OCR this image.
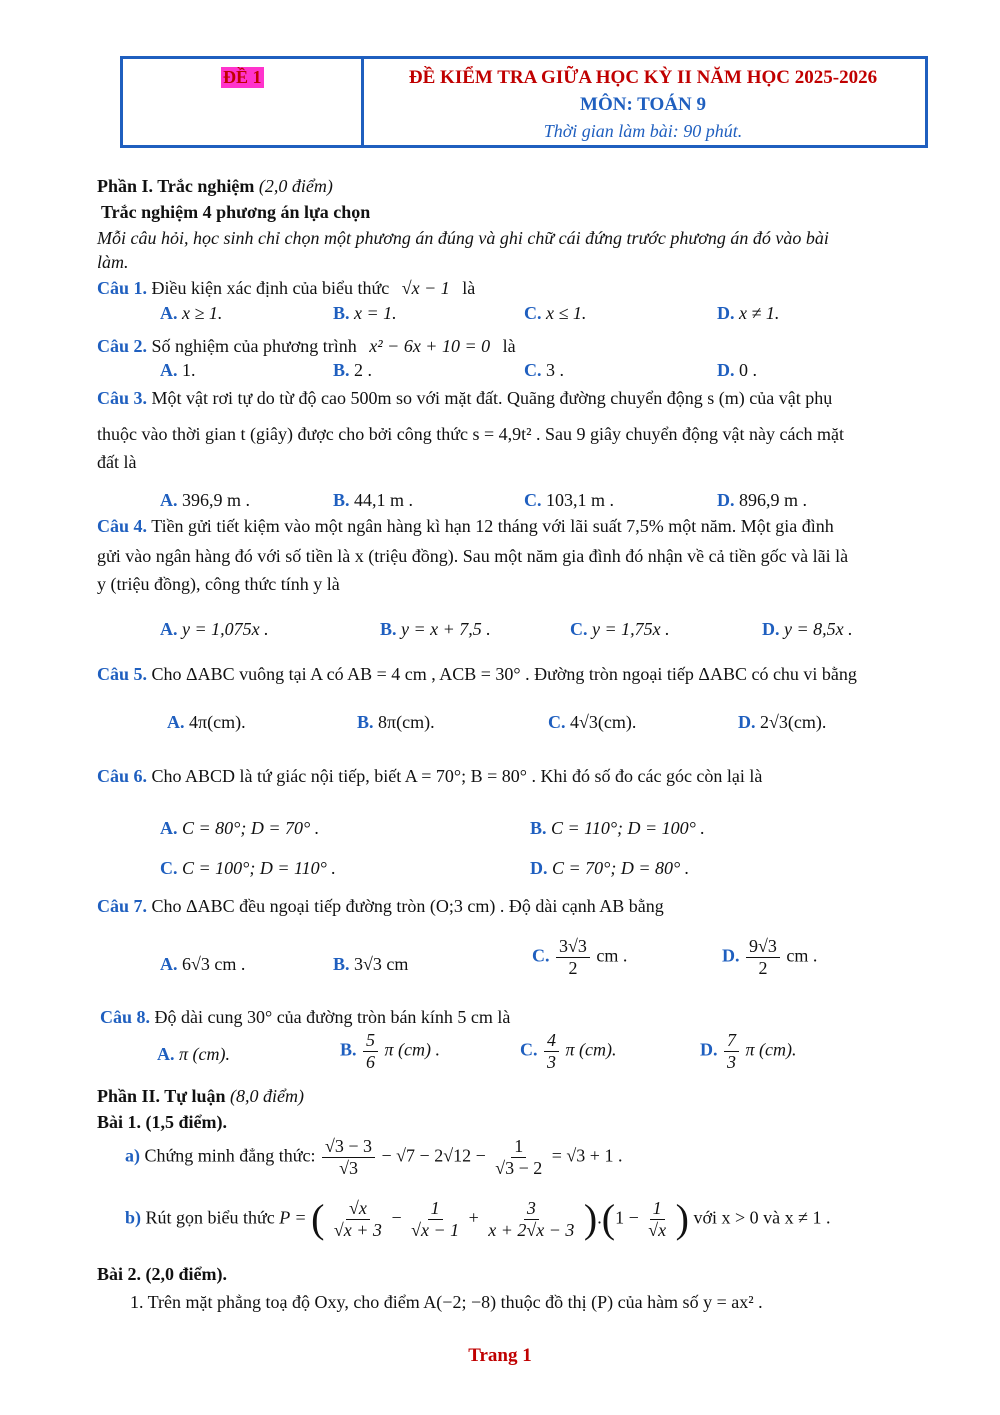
ĐỀ 1	ĐỀ KIỂM TRA GIỮA HỌC KỲ II NĂM HỌC 2025-2026
MÔN: TOÁN 9
Thời gian làm bài: 90 phút.
Phần I. Trắc nghiệm (2,0 điểm)
Trắc nghiệm 4 phương án lựa chọn
Mỗi câu hỏi, học sinh chỉ chọn một phương án đúng và ghi chữ cái đứng trước phương án đó vào bài
làm.
Câu 1. Điều kiện xác định của biểu thức √x − 1 là
A. x ≥ 1.	B. x = 1.	C. x ≤ 1.	D. x ≠ 1.
Câu 2. Số nghiệm của phương trình x² − 6x + 10 = 0 là
A. 1.	B. 2 .	C. 3 .	D. 0 .
Câu 3. Một vật rơi tự do từ độ cao 500m so với mặt đất. Quãng đường chuyển động s (m) của vật phụ
thuộc vào thời gian t (giây) được cho bởi công thức s = 4,9t² . Sau 9 giây chuyển động vật này cách mặt
đất là
A. 396,9 m .	B. 44,1 m .	C. 103,1 m .	D. 896,9 m .
Câu 4. Tiền gửi tiết kiệm vào một ngân hàng kì hạn 12 tháng với lãi suất 7,5% một năm. Một gia đình
gửi vào ngân hàng đó với số tiền là x (triệu đồng). Sau một năm gia đình đó nhận về cả tiền gốc và lãi là
y (triệu đồng), công thức tính y là
A. y = 1,075x .	B. y = x + 7,5 .	C. y = 1,75x .	D. y = 8,5x .
Câu 5. Cho ΔABC vuông tại A có AB = 4 cm , ACB = 30° . Đường tròn ngoại tiếp ΔABC có chu vi bằng
A. 4π(cm).	B. 8π(cm).	C. 4√3(cm).	D. 2√3(cm).
Câu 6. Cho ABCD là tứ giác nội tiếp, biết A = 70°; B = 80° . Khi đó số đo các góc còn lại là
A. C = 80°; D = 70° .	B. C = 110°; D = 100° .
C. C = 100°; D = 110° .	D. C = 70°; D = 80° .
Câu 7. Cho ΔABC đều ngoại tiếp đường tròn (O;3 cm) . Độ dài cạnh AB bằng
A. 6√3 cm .	B. 3√3 cm	C. $\frac{3√3}{2}$ cm .	D. $\frac{9√3}{2}$ cm .
Câu 8. Độ dài cung 30° của đường tròn bán kính 5 cm là
A. π (cm).	B. $\frac{5}{6}$ π (cm) .	C. $\frac{4}{3}$ π (cm).	D. $\frac{7}{3}$ π (cm).
Phần II. Tự luận (8,0 điểm)
Bài 1. (1,5 điểm).
a) Chứng minh đẳng thức: $\frac{√3 - 3}{√3} - √7 - 2√12 - \frac{1}{√3 - 2} = √3 + 1$ .
b) Rút gọn biểu thức P = ( $\frac{√x}{√x + 3} - \frac{1}{√x - 1} + \frac{3}{x + 2√x - 3} ).(1 - \frac{1}{√x}$ ) với x > 0 và x ≠ 1 .
Bài 2. (2,0 điểm).
1. Trên mặt phẳng toạ độ Oxy, cho điểm A(−2; −8) thuộc đồ thị (P) của hàm số y = ax² .
Trang 1
